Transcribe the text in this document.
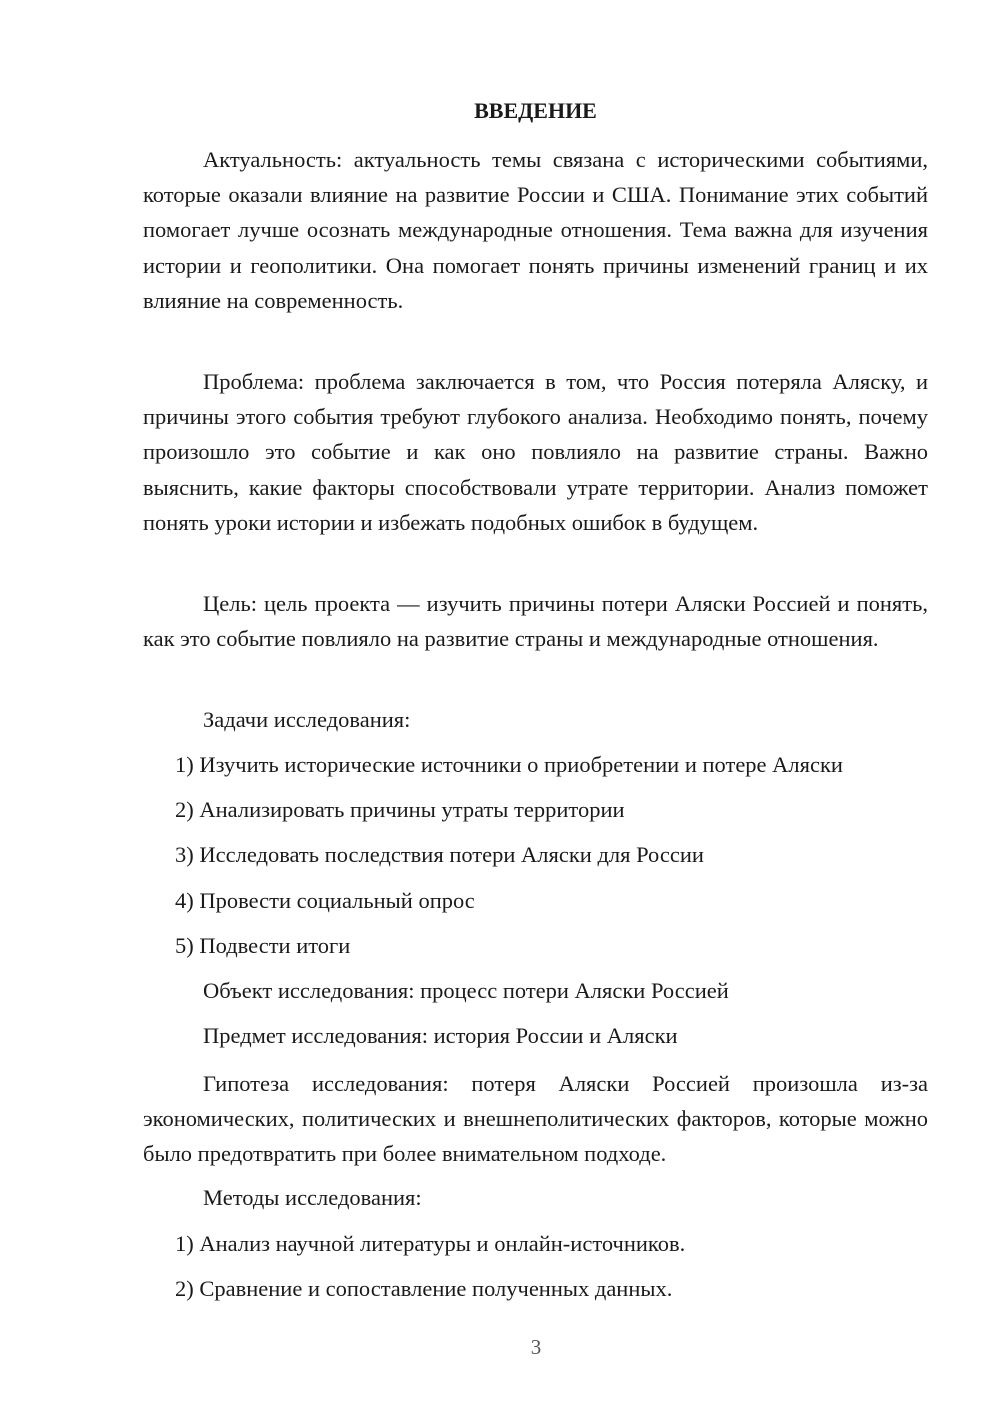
ВВЕДЕНИЕ

Актуальность: актуальность темы связана с историческими событиями, которые оказали влияние на развитие России и США. Понимание этих событий помогает лучше осознать международные отношения. Тема важна для изучения истории и геополитики. Она помогает понять причины изменений границ и их влияние на современность.

Проблема: проблема заключается в том, что Россия потеряла Аляску, и причины этого события требуют глубокого анализа. Необходимо понять, почему произошло это событие и как оно повлияло на развитие страны. Важно выяснить, какие факторы способствовали утрате территории. Анализ поможет понять уроки истории и избежать подобных ошибок в будущем.

Цель: цель проекта — изучить причины потери Аляски Россией и понять, как это событие повлияло на развитие страны и международные отношения.

Задачи исследования:
1) Изучить исторические источники о приобретении и потере Аляски
2) Анализировать причины утраты территории
3) Исследовать последствия потери Аляски для России
4) Провести социальный опрос
5) Подвести итоги
Объект исследования: процесс потери Аляски Россией
Предмет исследования: история России и Аляски

Гипотеза исследования: потеря Аляски Россией произошла из-за экономических, политических и внешнеполитических факторов, которые можно было предотвратить при более внимательном подходе.

Методы исследования:
1) Анализ научной литературы и онлайн-источников.
2) Сравнение и сопоставление полученных данных.
3
